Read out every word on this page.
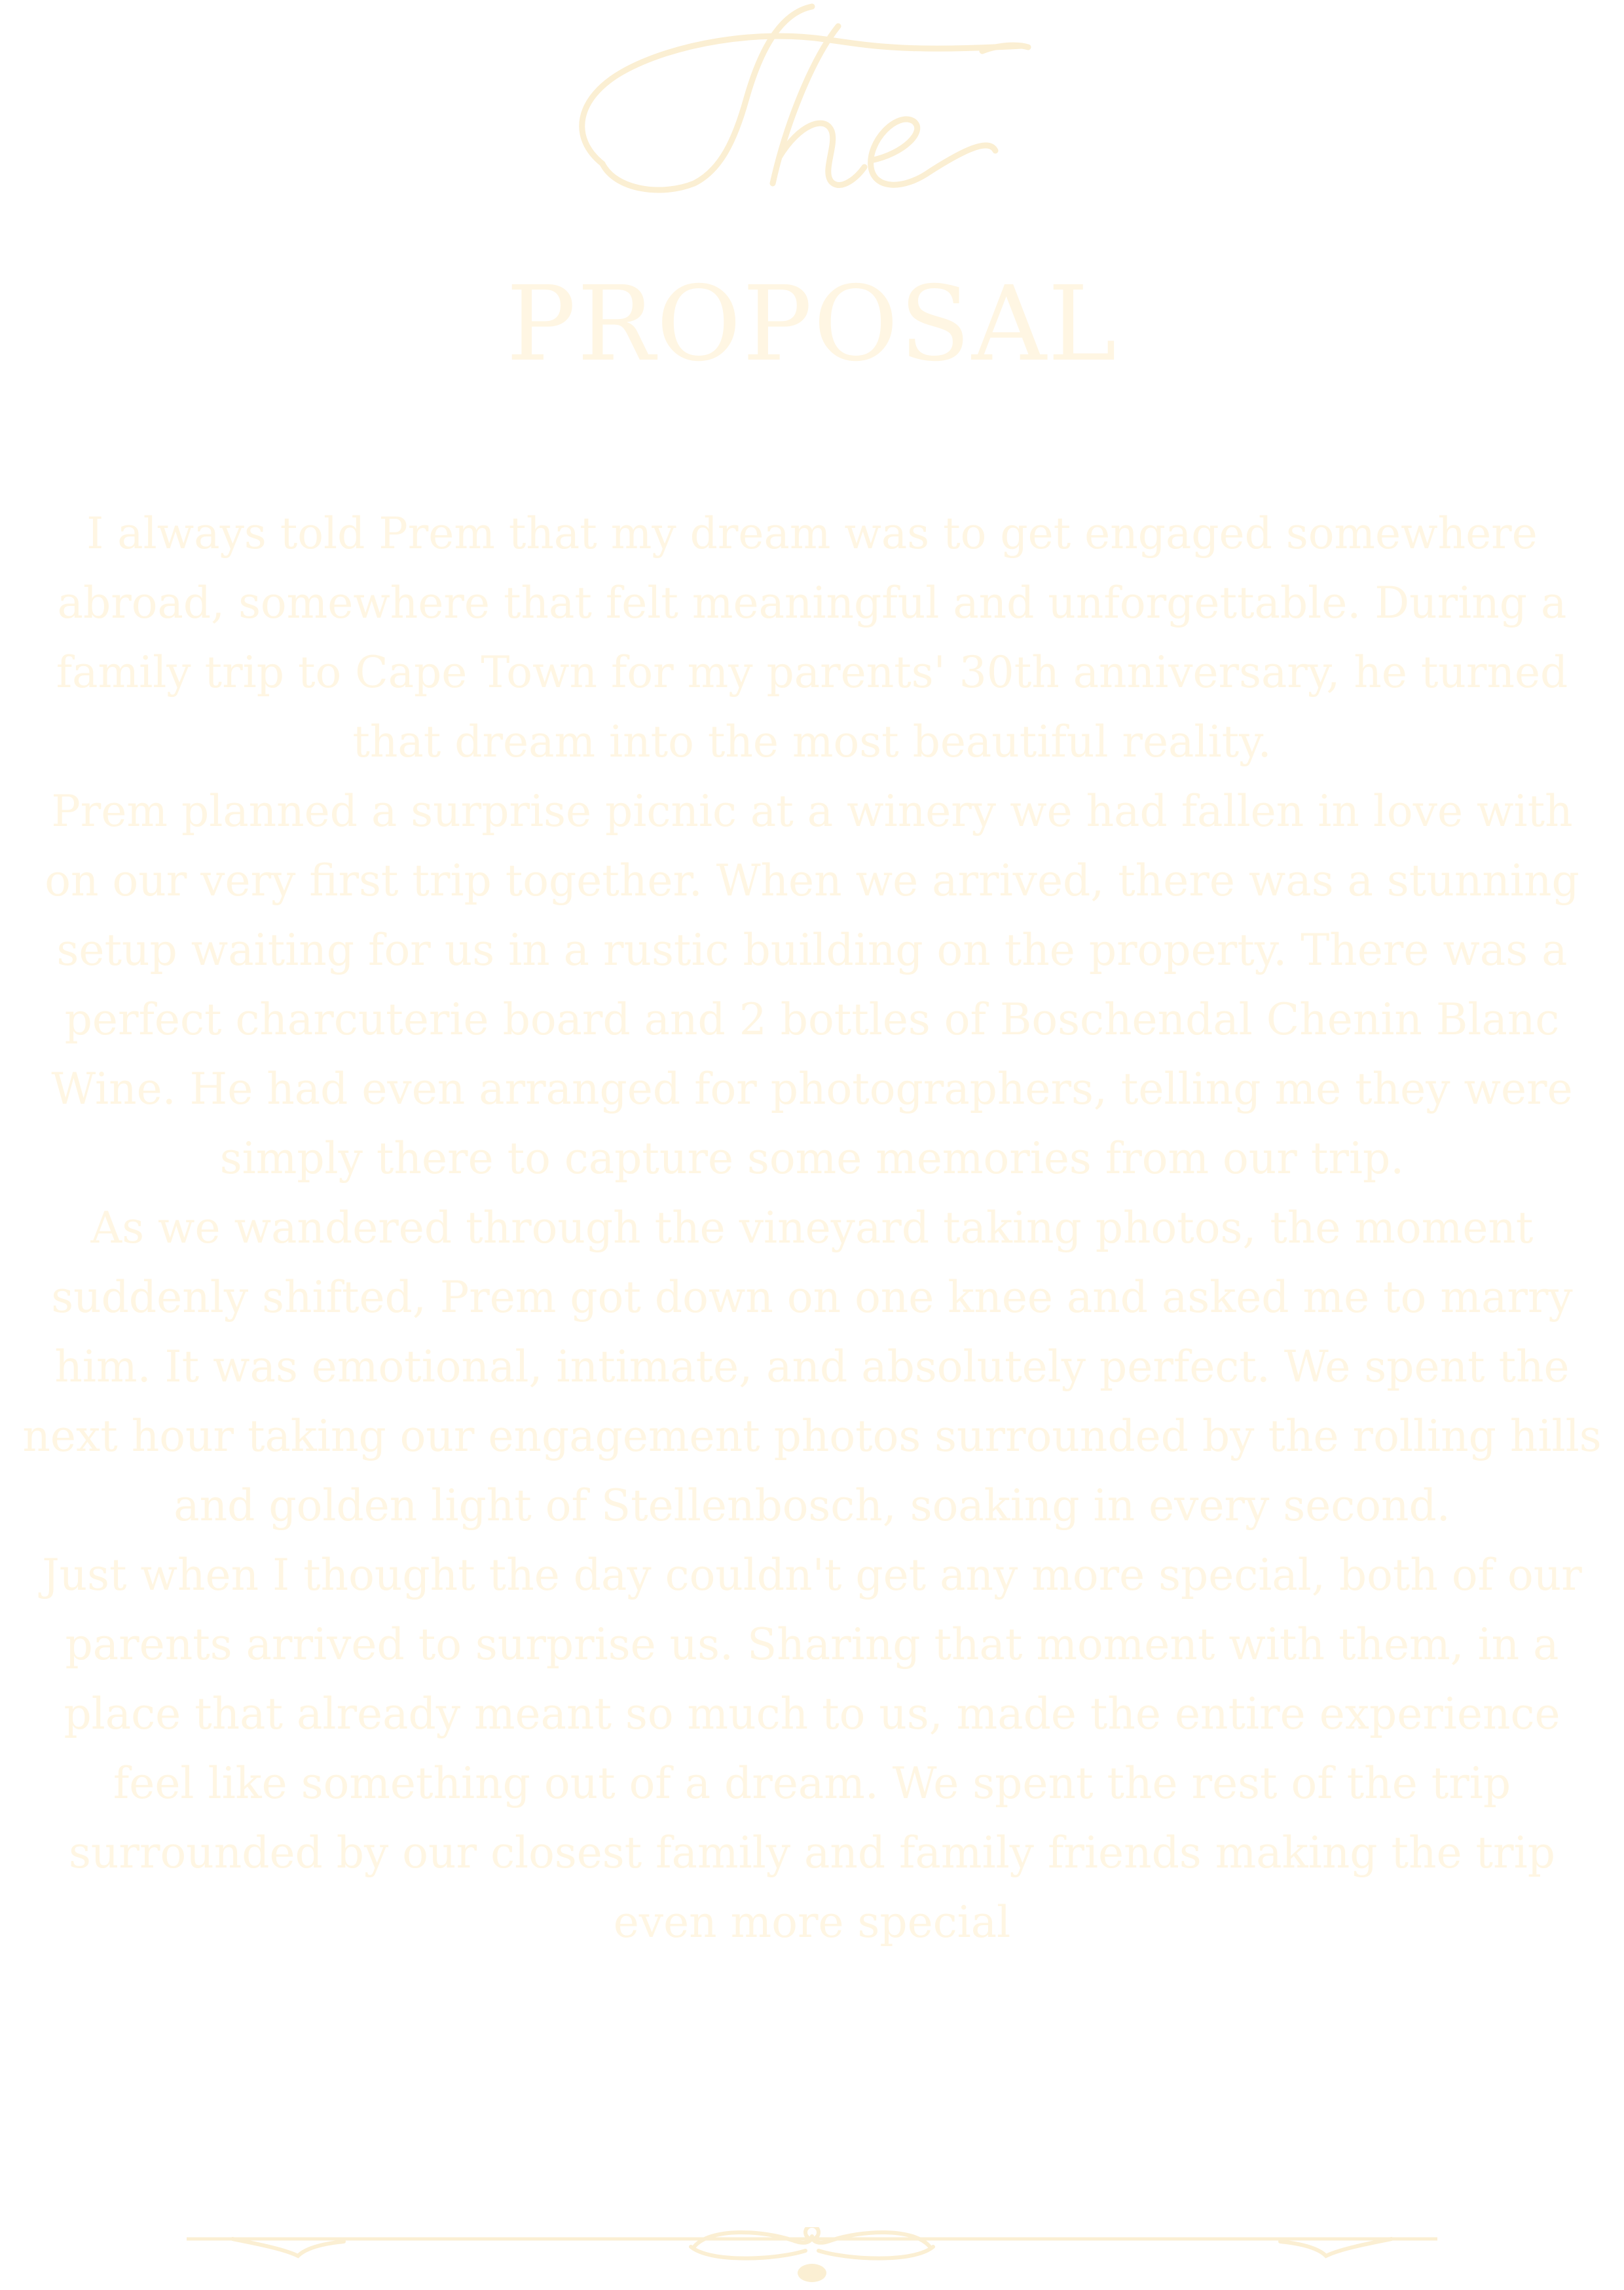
PROPOSAL

I always told Prem that my dream was to get engaged somewhere abroad, somewhere that felt meaningful and unforgettable. During a family trip to Cape Town for my parents' 30th anniversary, he turned that dream into the most beautiful reality.

Prem planned a surprise picnic at a winery we had fallen in love with on our very first trip together. When we arrived, there was a stunning setup waiting for us in a rustic building on the property. There was a perfect charcuterie board and 2 bottles of Boschendal Chenin Blanc Wine. He had even arranged for photographers, telling me they were simply there to capture some memories from our trip.

As we wandered through the vineyard taking photos, the moment suddenly shifted, Prem got down on one knee and asked me to marry him. It was emotional, intimate, and absolutely perfect. We spent the next hour taking our engagement photos surrounded by the rolling hills and golden light of Stellenbosch, soaking in every second.

Just when I thought the day couldn't get any more special, both of our parents arrived to surprise us. Sharing that moment with them, in a place that already meant so much to us, made the entire experience feel like something out of a dream. We spent the rest of the trip surrounded by our closest family and family friends making the trip even more special
